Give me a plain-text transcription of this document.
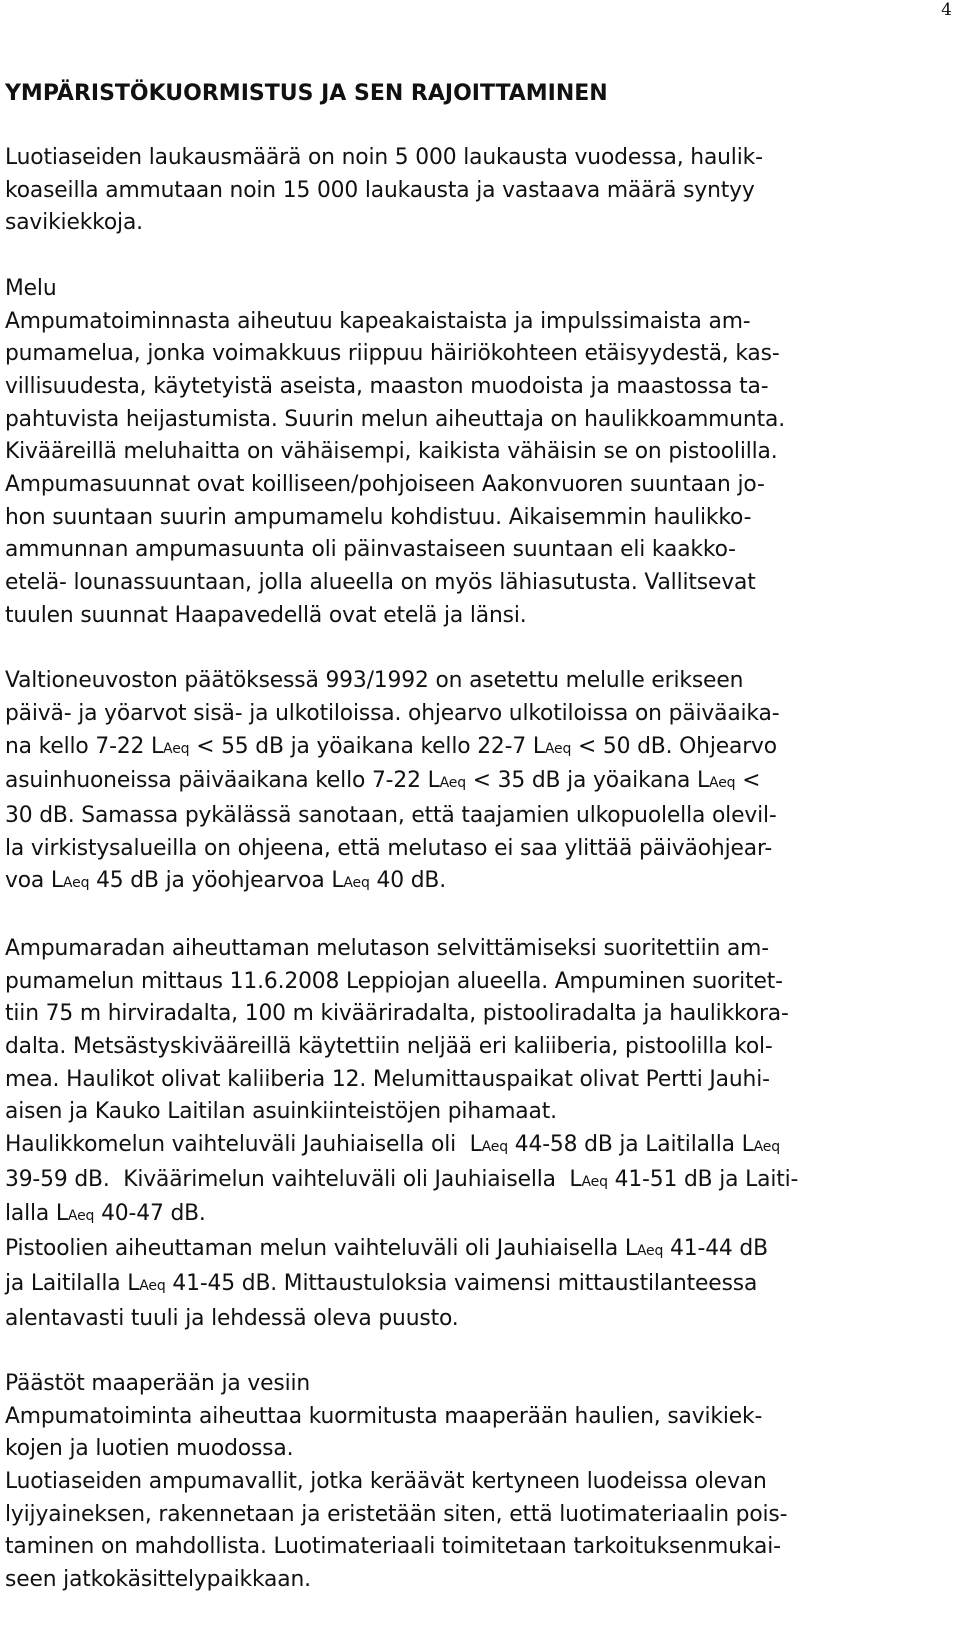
4
YMPÄRISTÖKUORMISTUS JA SEN RAJOITTAMINEN
Luotiaseiden laukausmäärä on noin 5 000 laukausta vuodessa, haulik-
koaseilla ammutaan noin 15 000 laukausta ja vastaava määrä syntyy
savikiekkoja.
Melu
Ampumatoiminnasta aiheutuu kapeakaistaista ja impulssimaista am-
pumamelua, jonka voimakkuus riippuu häiriökohteen etäisyydestä, kas-
villisuudesta, käytetyistä aseista, maaston muodoista ja maastossa ta-
pahtuvista heijastumista. Suurin melun aiheuttaja on haulikkoammunta.
Kivääreillä meluhaitta on vähäisempi, kaikista vähäisin se on pistoolilla.
Ampumasuunnat ovat koilliseen/pohjoiseen Aakonvuoren suuntaan jo-
hon suuntaan suurin ampumamelu kohdistuu. Aikaisemmin haulikko-
ammunnan ampumasuunta oli päinvastaiseen suuntaan eli kaakko-
etelä- lounassuuntaan, jolla alueella on myös lähiasutusta. Vallitsevat
tuulen suunnat Haapavedellä ovat etelä ja länsi.
Valtioneuvoston päätöksessä 993/1992 on asetettu melulle erikseen
päivä- ja yöarvot sisä- ja ulkotiloissa. ohjearvo ulkotiloissa on päiväaika-
na kello 7-22 LAeq < 55 dB ja yöaikana kello 22-7 LAeq < 50 dB. Ohjearvo
asuinhuoneissa päiväaikana kello 7-22 LAeq < 35 dB ja yöaikana LAeq <
30 dB. Samassa pykälässä sanotaan, että taajamien ulkopuolella olevil-
la virkistysalueilla on ohjeena, että melutaso ei saa ylittää päiväohjear-
voa LAeq 45 dB ja yöohjearvoa LAeq 40 dB.
Ampumaradan aiheuttaman melutason selvittämiseksi suoritettiin am-
pumamelun mittaus 11.6.2008 Leppiojan alueella. Ampuminen suoritet-
tiin 75 m hirviradalta, 100 m kivääriradalta, pistooliradalta ja haulikkora-
dalta. Metsästyskivääreillä käytettiin neljää eri kaliiberia, pistoolilla kol-
mea. Haulikot olivat kaliiberia 12. Melumittauspaikat olivat Pertti Jauhi-
aisen ja Kauko Laitilan asuinkiinteistöjen pihamaat.
Haulikkomelun vaihteluväli Jauhiaisella oli  LAeq 44-58 dB ja Laitilalla LAeq
39-59 dB.  Kiväärimelun vaihteluväli oli Jauhiaisella  LAeq 41-51 dB ja Laiti-
lalla LAeq 40-47 dB.
Pistoolien aiheuttaman melun vaihteluväli oli Jauhiaisella LAeq 41-44 dB
ja Laitilalla LAeq 41-45 dB. Mittaustuloksia vaimensi mittaustilanteessa
alentavasti tuuli ja lehdessä oleva puusto.
Päästöt maaperään ja vesiin
Ampumatoiminta aiheuttaa kuormitusta maaperään haulien, savikiek-
kojen ja luotien muodossa.
Luotiaseiden ampumavallit, jotka keräävät kertyneen luodeissa olevan
lyijyaineksen, rakennetaan ja eristetään siten, että luotimateriaalin pois-
taminen on mahdollista. Luotimateriaali toimitetaan tarkoituksenmukai-
seen jatkokäsittelypaikkaan.
